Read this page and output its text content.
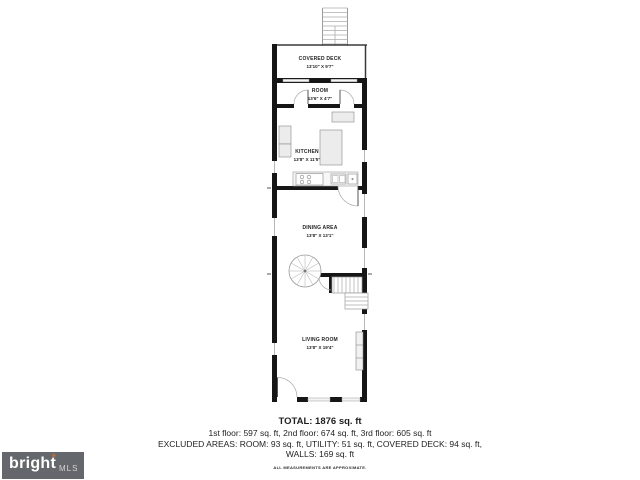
COVERED DECK
13'10" X 9'7"
ROOM
13'6" X 4'7"
KITCHEN
13'8" X 11'5"
DINING AREA
13'8" X 13'1"
LIVING ROOM
13'8" X 19'4"
TOTAL: 1876 sq. ft
1st floor: 597 sq. ft, 2nd floor: 674 sq. ft, 3rd floor: 605 sq. ft
EXCLUDED AREAS: ROOM: 93 sq. ft, UTILITY: 51 sq. ft, COVERED DECK: 94 sq. ft,
WALLS: 169 sq. ft
ALL MEASUREMENTS ARE APPROXIMATE.
bright
✳ MLS
